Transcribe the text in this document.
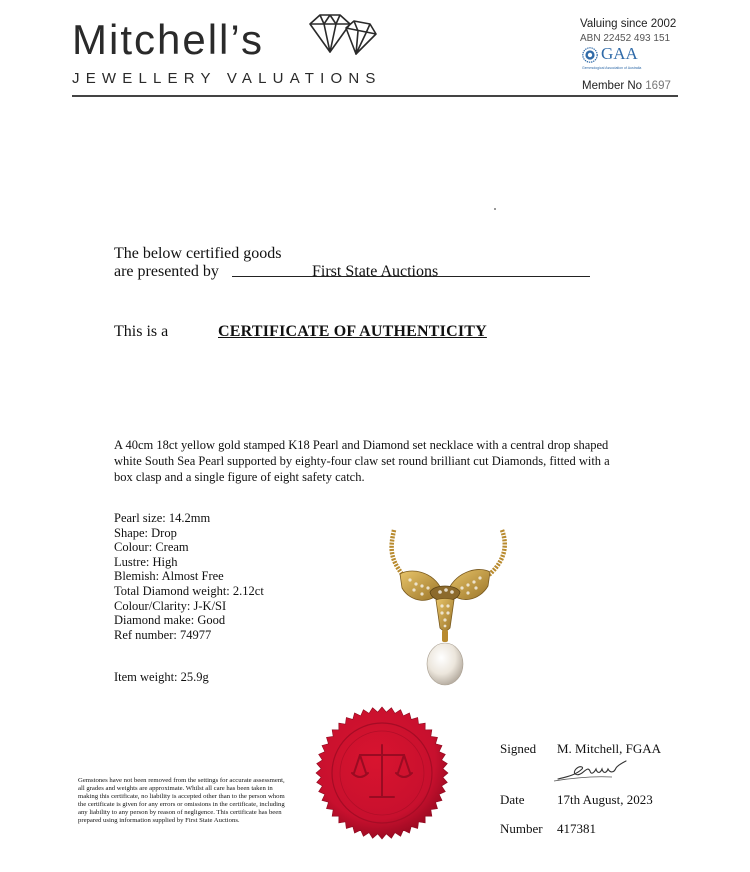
Mitchell’s
JEWELLERY VALUATIONS
Valuing since 2002
ABN 22452 493 151
GAA
Gemmological Association of Australia
Member No 1697
The below certified goods
are presented by	First State Auctions
This is a	CERTIFICATE OF AUTHENTICITY
A 40cm 18ct yellow gold stamped K18 Pearl and Diamond set necklace with a central drop shaped white South Sea Pearl supported by eighty-four claw set round brilliant cut Diamonds, fitted with a box clasp and a single figure of eight safety catch.
Pearl size: 14.2mm
Shape: Drop
Colour: Cream
Lustre: High
Blemish: Almost Free
Total Diamond weight: 2.12ct
Colour/Clarity: J-K/SI
Diamond make: Good
Ref number: 74977
Item weight: 25.9g
Gemstones have not been removed from the settings for accurate assessment, all grades and weights are approximate. Whilst all care has been taken in making this certificate, no liability is accepted other than to the person whom the certificate is given for any errors or omissions in the certificate, including any liability to any person by reason of negligence. This certificate has been prepared using information supplied by First State Auctions.
Signed M. Mitchell, FGAA
Date 17th August, 2023
Number 417381
